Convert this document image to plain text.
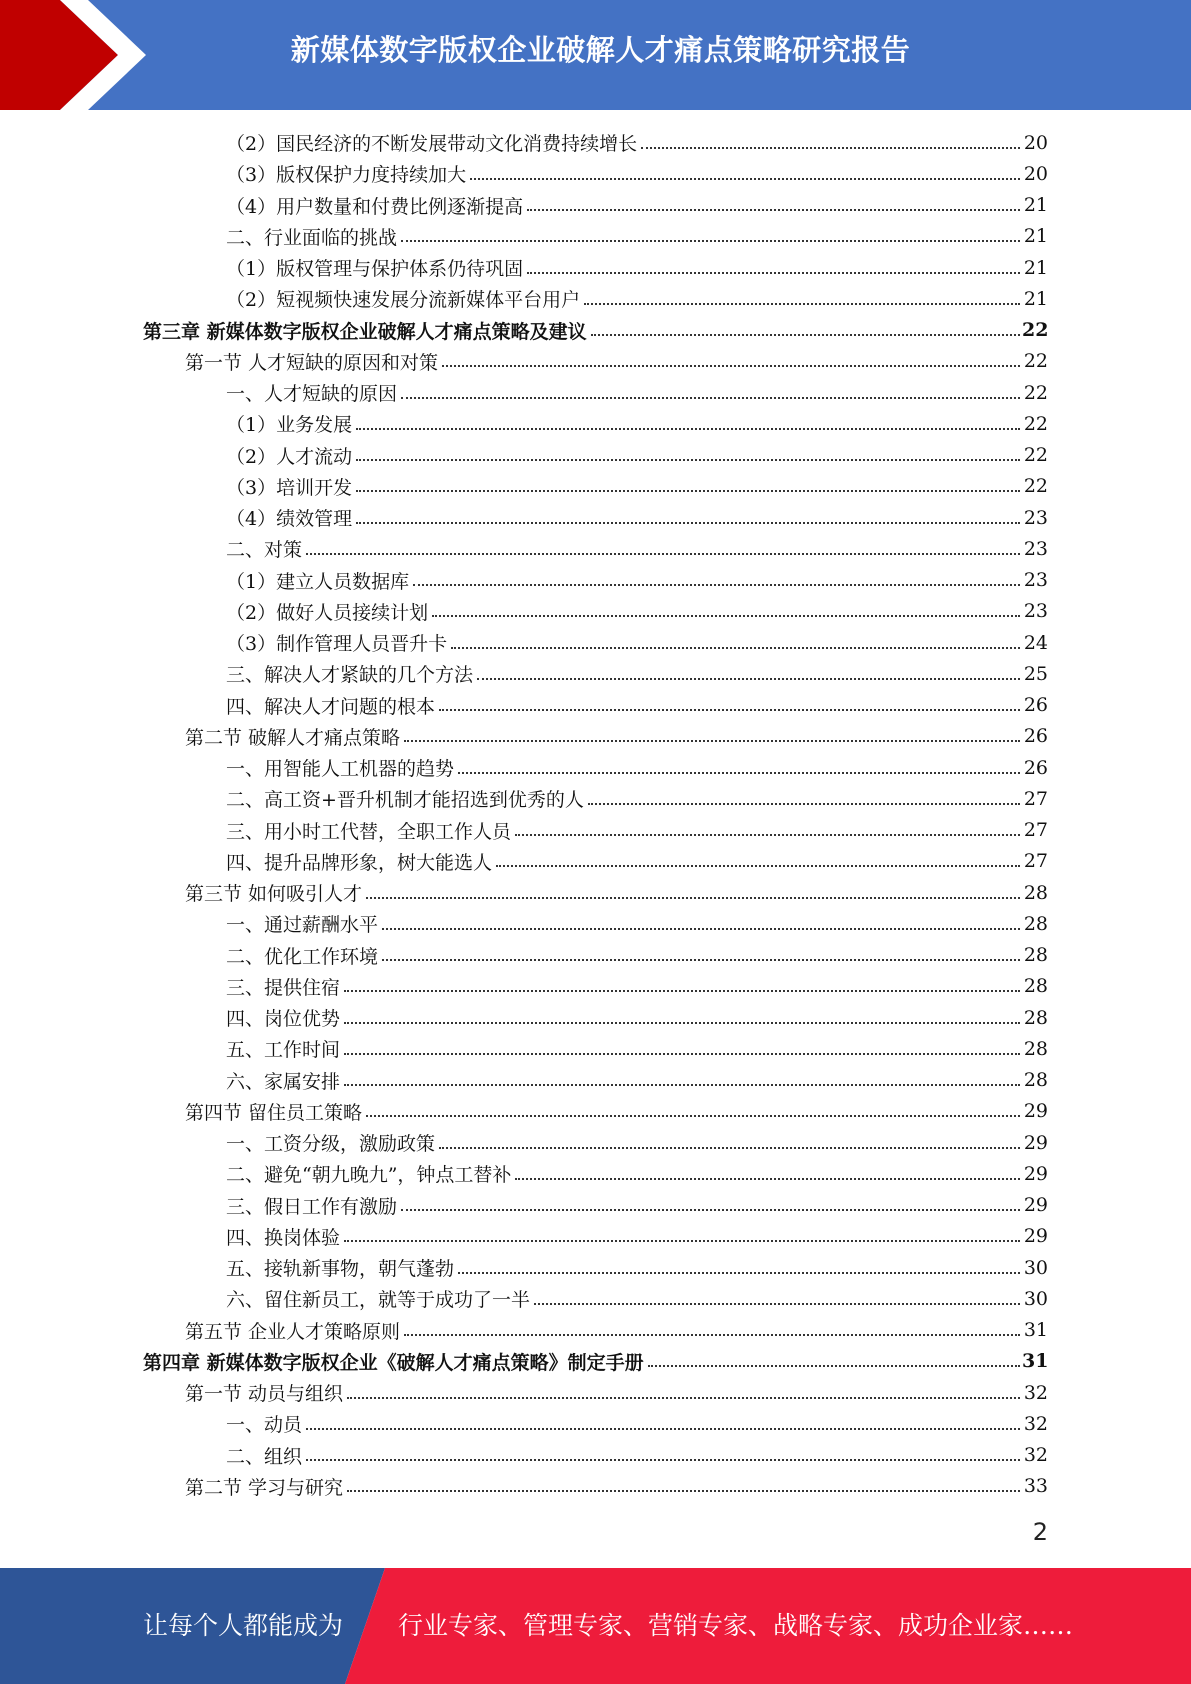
新媒体数字版权企业破解人才痛点策略研究报告
（2）国民经济的不断发展带动文化消费持续增长	20
（3）版权保护力度持续加大	20
（4）用户数量和付费比例逐渐提高	21
二、行业面临的挑战	21
（1）版权管理与保护体系仍待巩固	21
（2）短视频快速发展分流新媒体平台用户	21
第三章 新媒体数字版权企业破解人才痛点策略及建议	22
第一节 人才短缺的原因和对策	22
一、人才短缺的原因	22
（1）业务发展	22
（2）人才流动	22
（3）培训开发	22
（4）绩效管理	23
二、对策	23
（1）建立人员数据库	23
（2）做好人员接续计划	23
（3）制作管理人员晋升卡	24
三、解决人才紧缺的几个方法	25
四、解决人才问题的根本	26
第二节 破解人才痛点策略	26
一、用智能人工机器的趋势	26
二、高工资+晋升机制才能招选到优秀的人	27
三、用小时工代替，全职工作人员	27
四、提升品牌形象，树大能选人	27
第三节 如何吸引人才	28
一、通过薪酬水平	28
二、优化工作环境	28
三、提供住宿	28
四、岗位优势	28
五、工作时间	28
六、家属安排	28
第四节 留住员工策略	29
一、工资分级，激励政策	29
二、避免“朝九晚九”，钟点工替补	29
三、假日工作有激励	29
四、换岗体验	29
五、接轨新事物，朝气蓬勃	30
六、留住新员工，就等于成功了一半	30
第五节 企业人才策略原则	31
第四章 新媒体数字版权企业《破解人才痛点策略》制定手册	31
第一节 动员与组织	32
一、动员	32
二、组织	32
第二节 学习与研究	33
2
让每个人都能成为 行业专家、管理专家、营销专家、战略专家、成功企业家……
